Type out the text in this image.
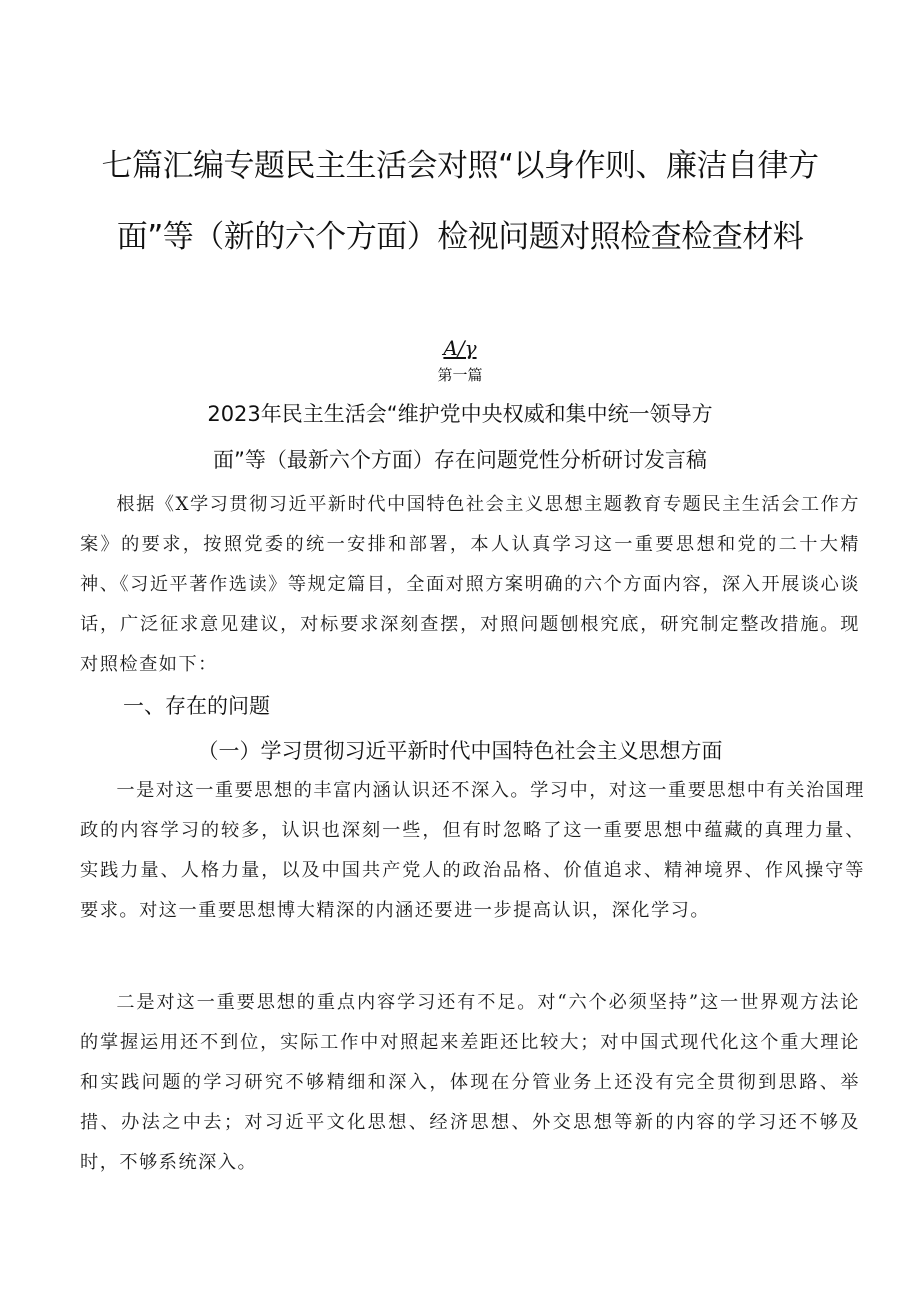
七篇汇编专题民主生活会对照“以身作则、廉洁自律方
面”等（新的六个方面）检视问题对照检查检查材料
A∕γ
第一篇
2023年民主生活会“维护党中央权威和集中统一领导方
面”等（最新六个方面）存在问题党性分析研讨发言稿

根据《X学习贯彻习近平新时代中国特色社会主义思想主题教育专题民主生活会工作方案》的要求，按照党委的统一安排和部署，本人认真学习这一重要思想和党的二十大精神、《习近平著作选读》等规定篇目，全面对照方案明确的六个方面内容，深入开展谈心谈话，广泛征求意见建议，对标要求深刻查摆，对照问题刨根究底，研究制定整改措施。现对照检查如下：

一、存在的问题
（一）学习贯彻习近平新时代中国特色社会主义思想方面

一是对这一重要思想的丰富内涵认识还不深入。学习中，对这一重要思想中有关治国理政的内容学习的较多，认识也深刻一些，但有时忽略了这一重要思想中蕴藏的真理力量、实践力量、人格力量，以及中国共产党人的政治品格、价值追求、精神境界、作风操守等要求。对这一重要思想博大精深的内涵还要进一步提高认识，深化学习。

二是对这一重要思想的重点内容学习还有不足。对“六个必须坚持”这一世界观方法论的掌握运用还不到位，实际工作中对照起来差距还比较大；对中国式现代化这个重大理论和实践问题的学习研究不够精细和深入，体现在分管业务上还没有完全贯彻到思路、举措、办法之中去；对习近平文化思想、经济思想、外交思想等新的内容的学习还不够及时，不够系统深入。
